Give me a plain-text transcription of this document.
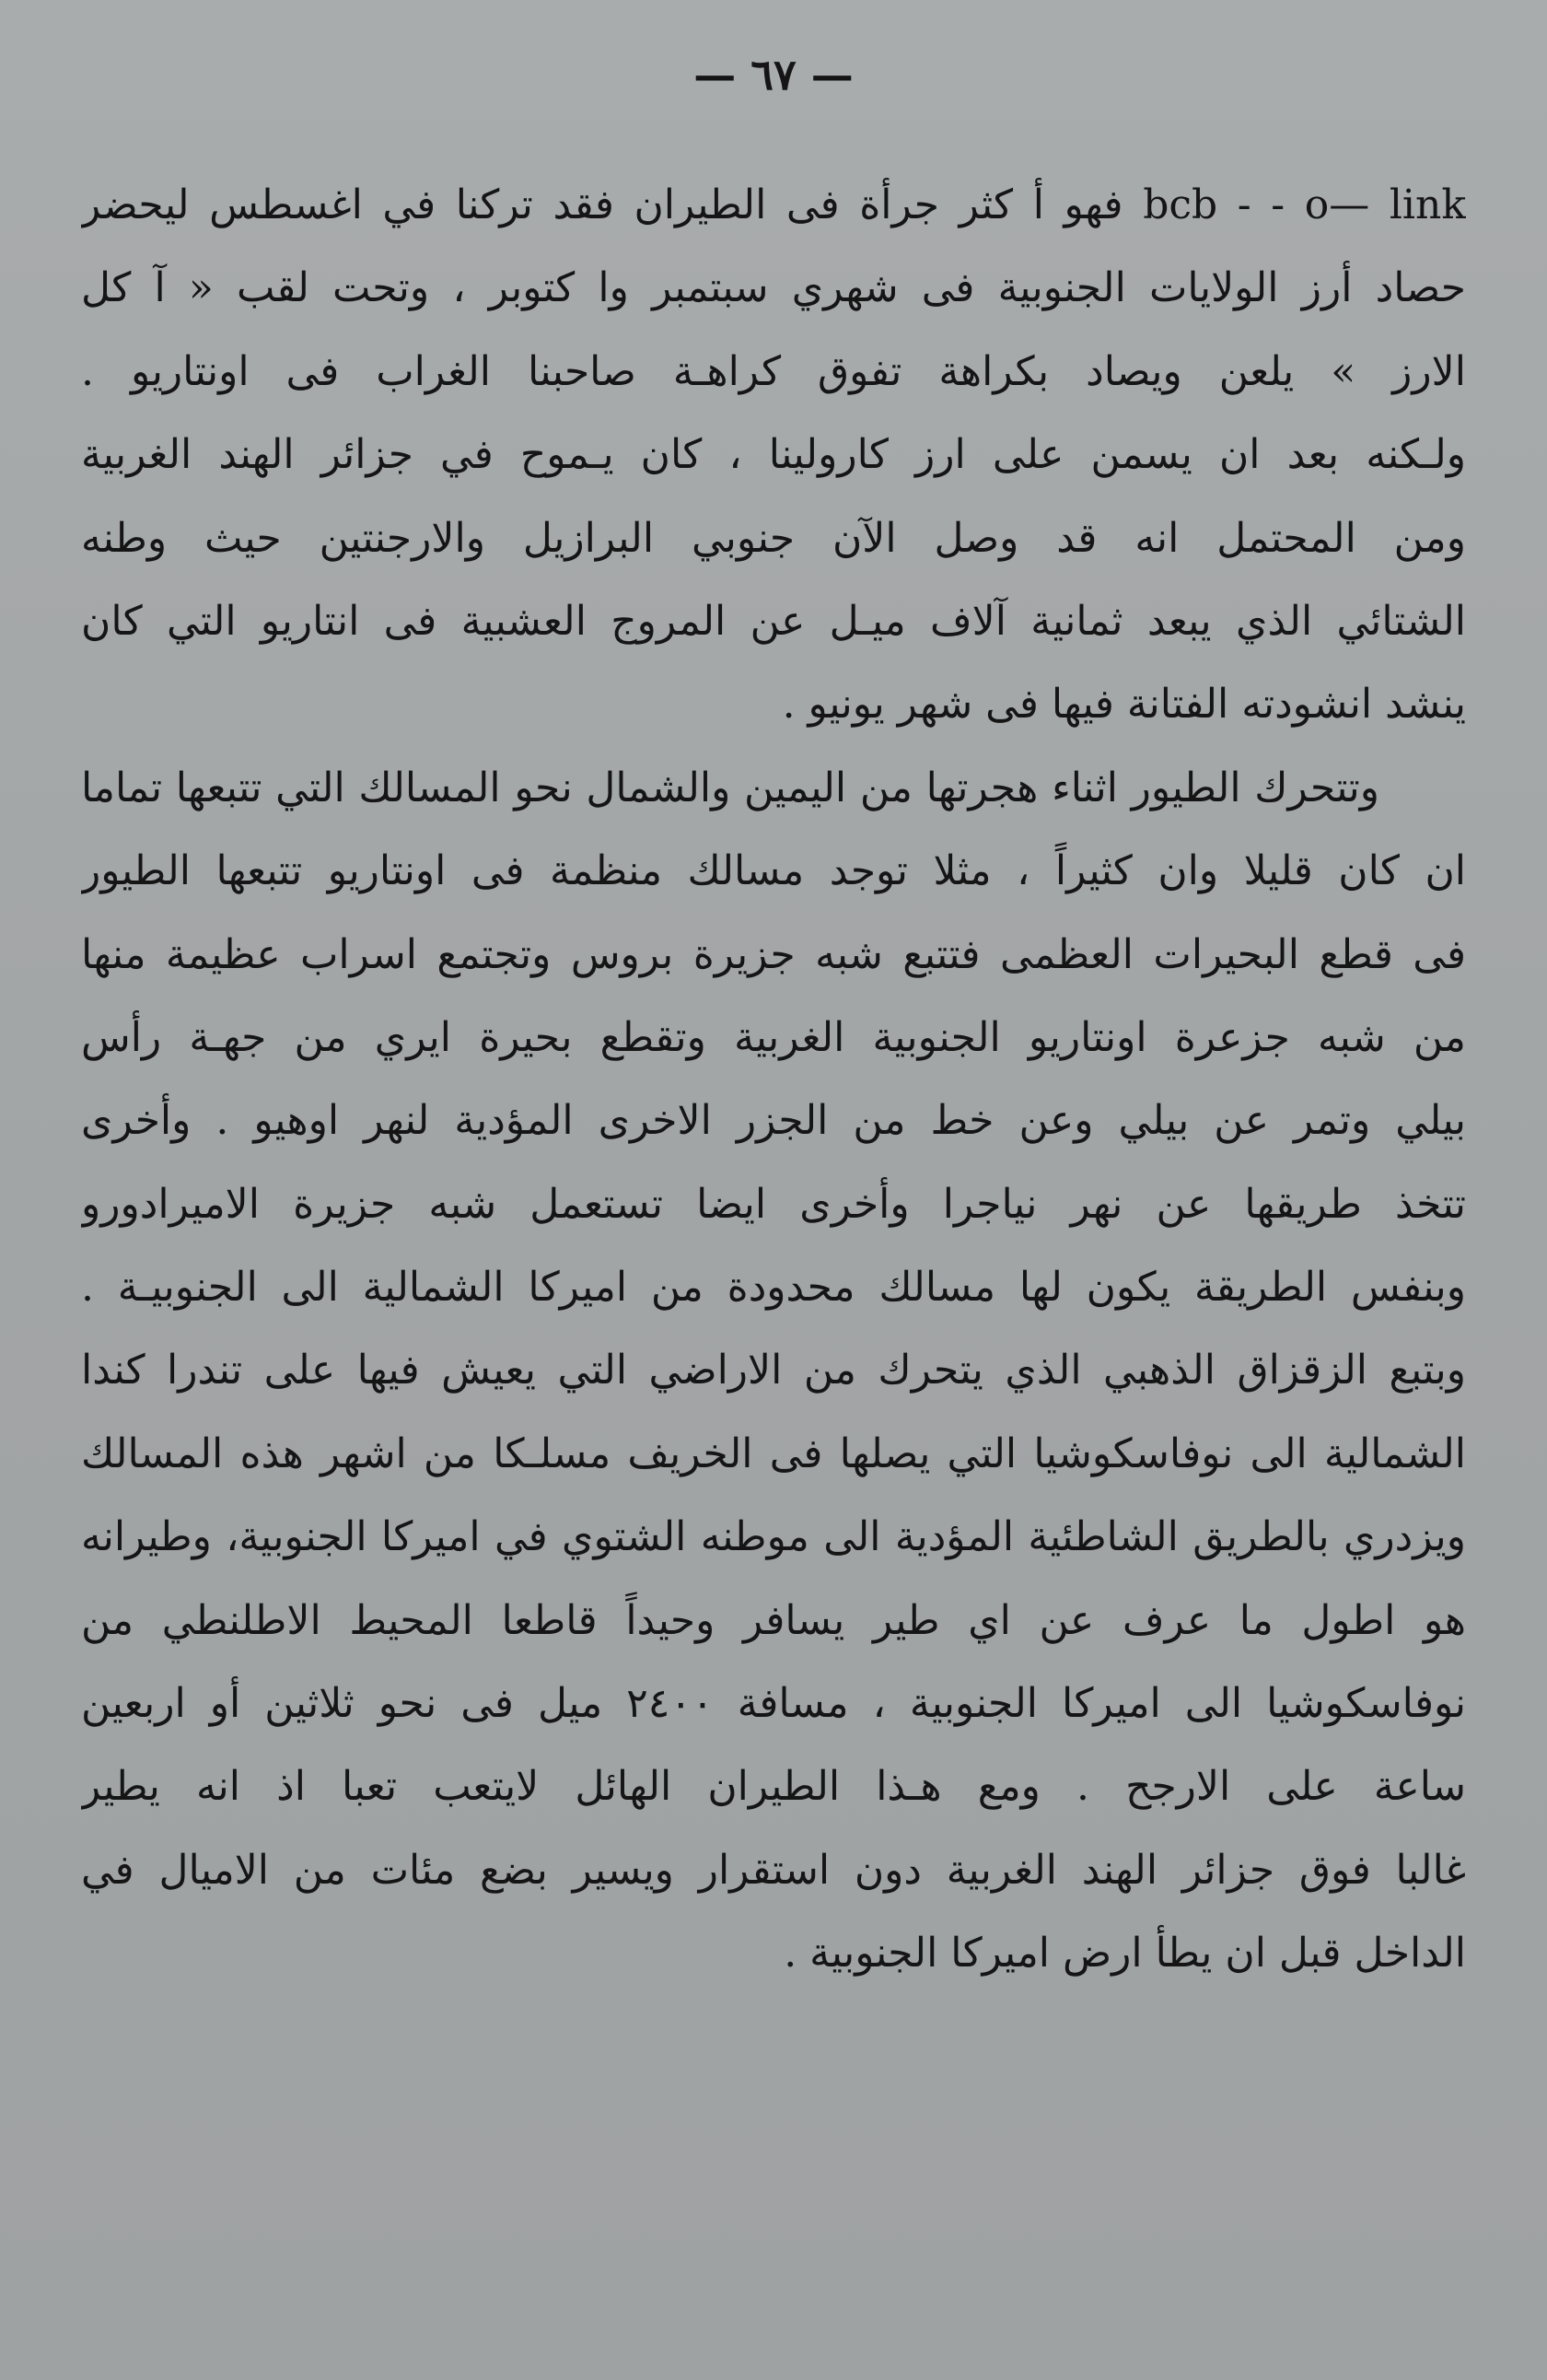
— ٦٧ —
bcb - - o— link فهو أ كثر جرأة فى الطيران فقد تركنا في اغسطس ليحضر
حصاد أرز الولايات الجنوبية فى شهري سبتمبر وا كتوبر ، وتحت لقب « آ كل
الارز » يلعن ويصاد بكراهة تفوق كراهـة صاحبنا الغراب فى اونتاريو .
ولـكنه بعد ان يسمن على ارز كارولينا ، كان يـموح في جزائر الهند الغربية
ومن المحتمل انه قد وصل الآن جنوبي البرازيل والارجنتين حيث وطنه
الشتائي الذي يبعد ثمانية آلاف ميـل عن المروج العشبية فى انتاريو التي كان
ينشد انشودته الفتانة فيها فى شهر يونيو .
وتتحرك الطيور اثناء هجرتها من اليمين والشمال نحو المسالك التي تتبعها تماما
ان كان قليلا وان كثيراً ، مثلا توجد مسالك منظمة فى اونتاريو تتبعها الطيور
فى قطع البحيرات العظمى فتتبع شبه جزيرة بروس وتجتمع اسراب عظيمة منها
من شبه جزعرة اونتاريو الجنوبية الغربية وتقطع بحيرة ايري من جهـة رأس
بيلي وتمر عن بيلي وعن خط من الجزر الاخرى المؤدية لنهر اوهيو . وأخرى
تتخذ طريقها عن نهر نياجرا وأخرى ايضا تستعمل شبه جزيرة الاميرادورو
وبنفس الطريقة يكون لها مسالك محدودة من اميركا الشمالية الى الجنوبيـة .
وبتبع الزقزاق الذهبي الذي يتحرك من الاراضي التي يعيش فيها على تندرا كندا
الشمالية الى نوفاسكوشيا التي يصلها فى الخريف مسلـكا من اشهر هذه المسالك
ويزدري بالطريق الشاطئية المؤدية الى موطنه الشتوي في اميركا الجنوبية، وطيرانه
هو اطول ما عرف عن اي طير يسافر وحيداً قاطعا المحيط الاطلنطي من
نوفاسكوشيا الى اميركا الجنوبية ، مسافة ٢٤٠٠ ميل فى نحو ثلاثين أو اربعين
ساعة على الارجح . ومع هـذا الطيران الهائل لايتعب تعبا اذ انه يطير
غالبا فوق جزائر الهند الغربية دون استقرار ويسير بضع مئات من الاميال في
الداخل قبل ان يطأ ارض اميركا الجنوبية .
